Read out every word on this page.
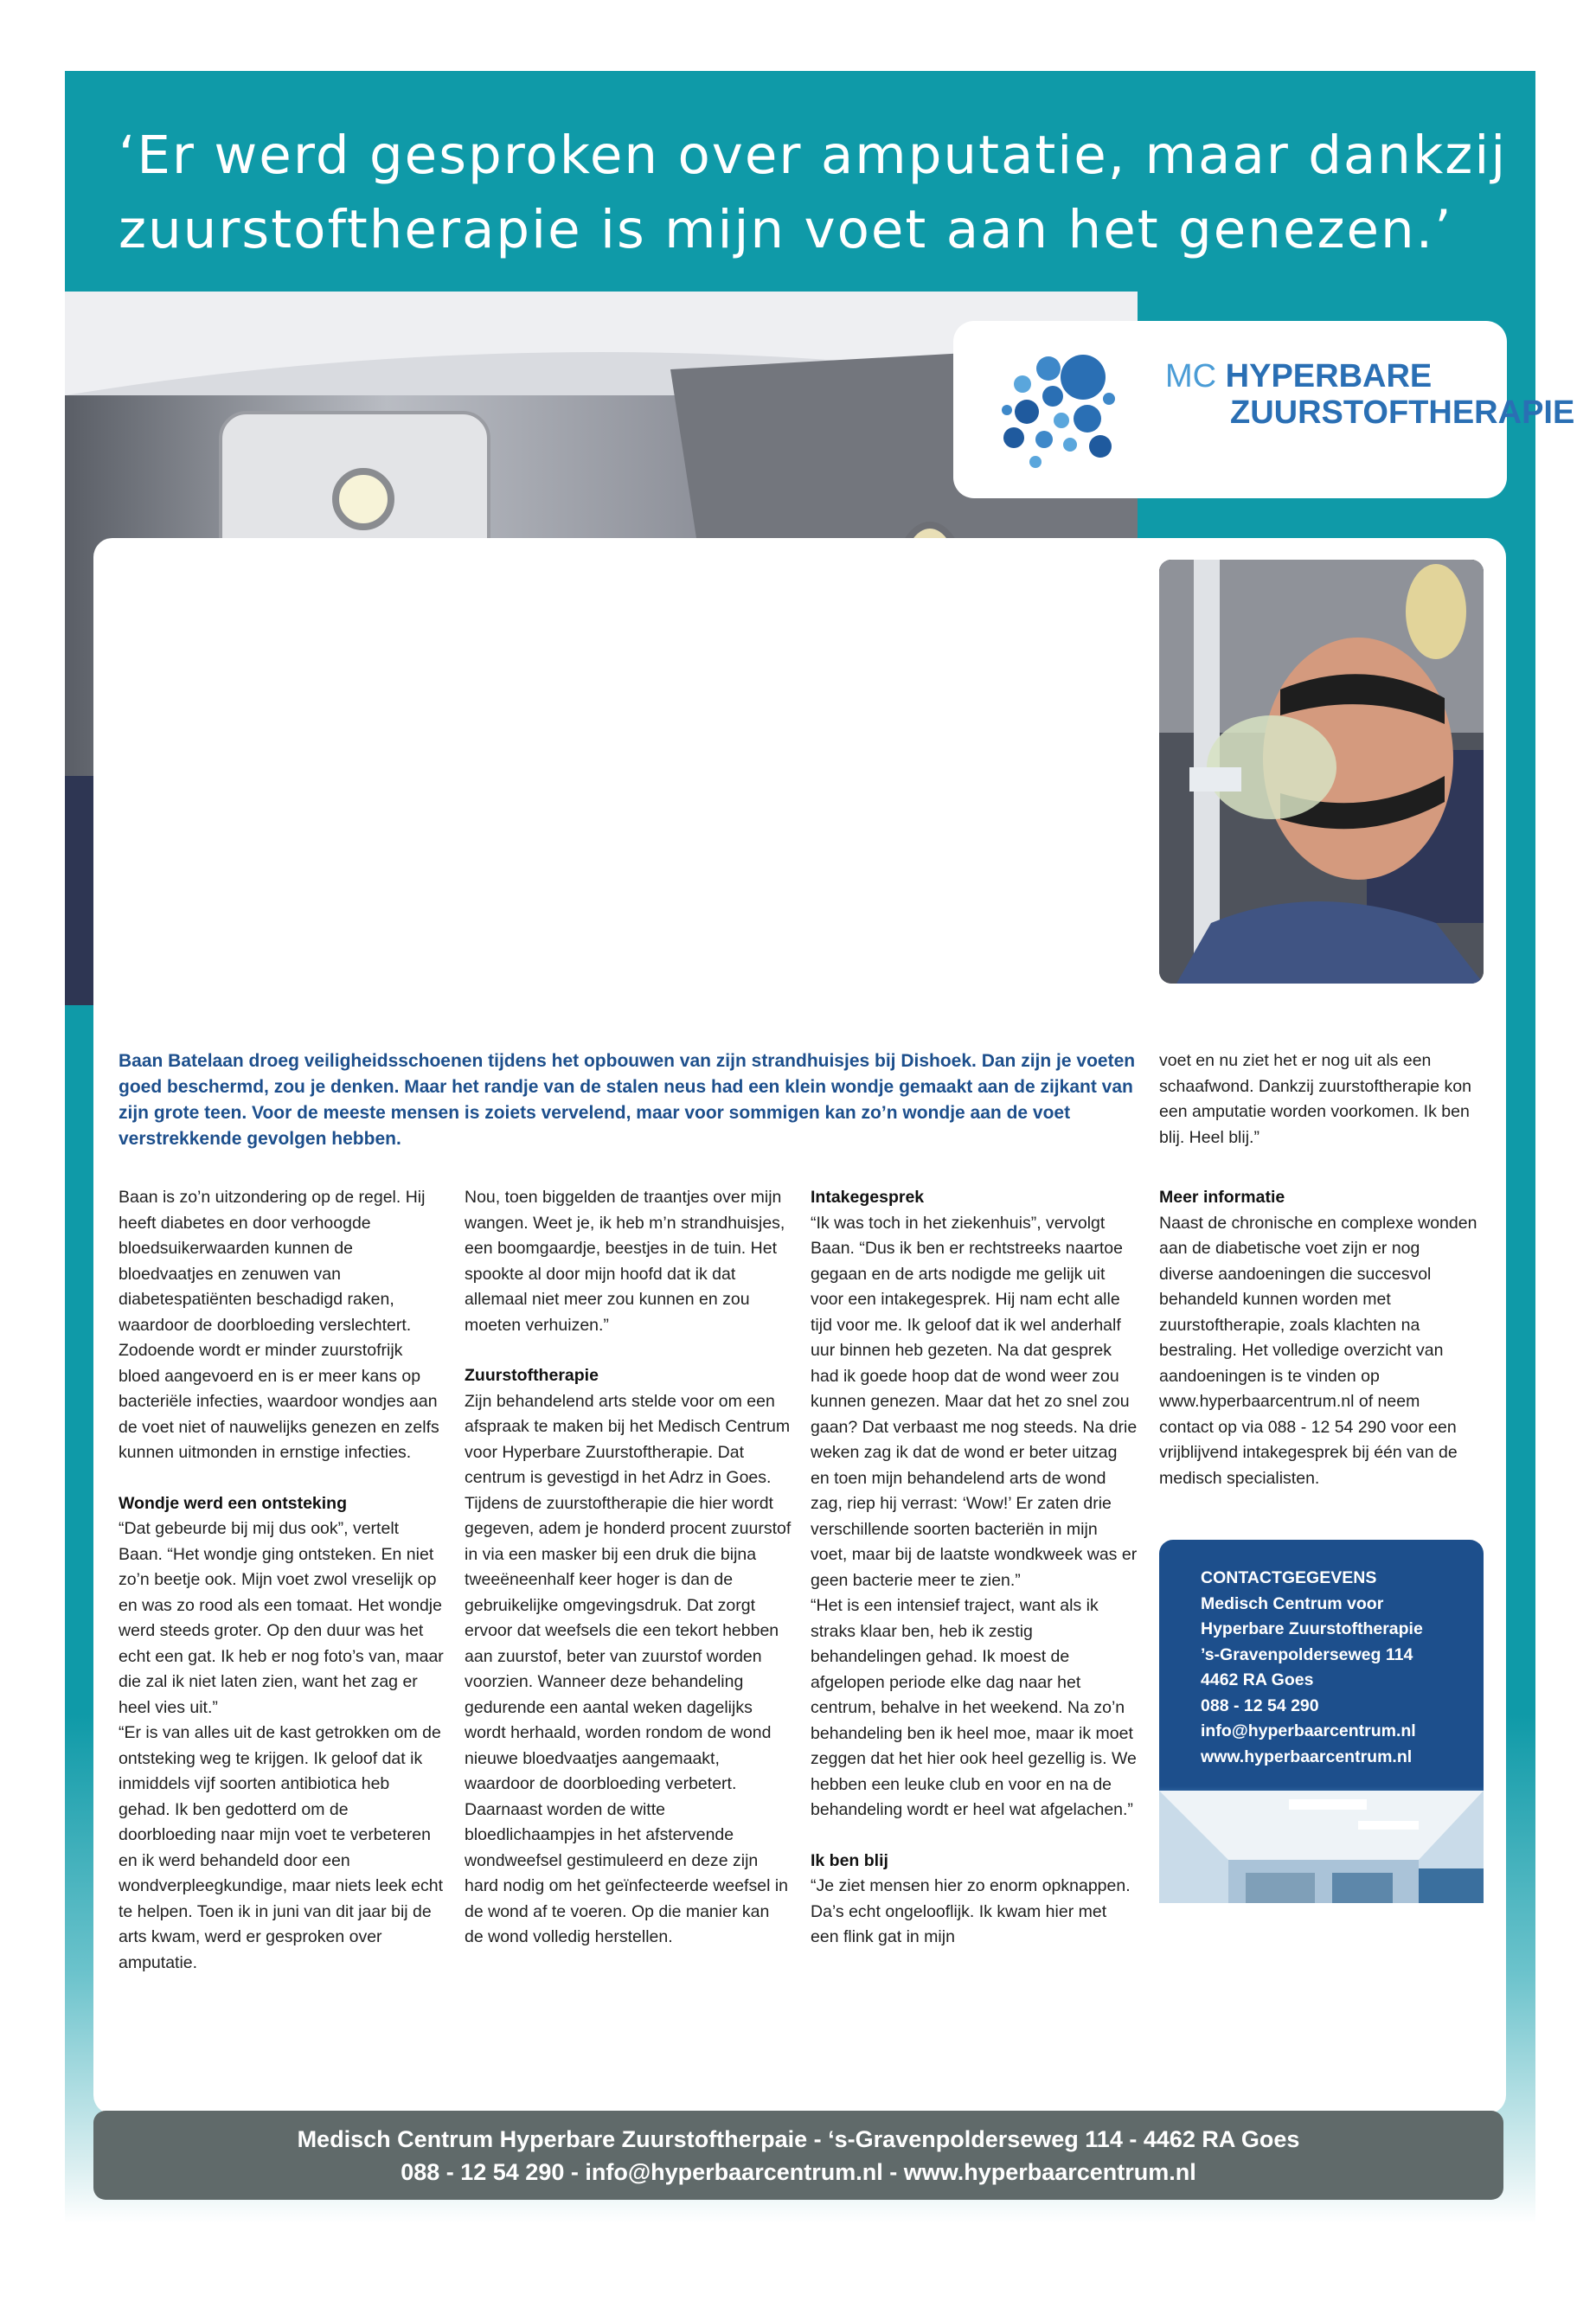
‘Er werd gesproken over amputatie, maar dankzij
zuurstoftherapie is mijn voet aan het genezen.’
MC HYPERBARE
ZUURSTOFTHERAPIE
Baan Batelaan droeg veiligheidsschoenen tijdens het opbouwen van zijn strandhuisjes bij Dishoek. Dan zijn je voeten goed beschermd, zou je denken. Maar het randje van de stalen neus had een klein wondje gemaakt aan de zijkant van zijn grote teen. Voor de meeste mensen is zoiets vervelend, maar voor sommigen kan zo’n wondje aan de voet verstrekkende gevolgen hebben.

voet en nu ziet het er nog uit als een schaafwond. Dankzij zuurstoftherapie kon een amputatie worden voorkomen. Ik ben blij. Heel blij.”

Baan is zo’n uitzondering op de regel. Hij heeft diabetes en door verhoogde bloedsuikerwaarden kunnen de bloedvaatjes en zenuwen van diabetespatiënten beschadigd raken, waardoor de doorbloeding verslechtert. Zodoende wordt er minder zuurstofrijk bloed aangevoerd en is er meer kans op bacteriële infecties, waardoor wondjes aan de voet niet of nauwelijks genezen en zelfs kunnen uitmonden in ernstige infecties.

Wondje werd een ontsteking

“Dat gebeurde bij mij dus ook”, vertelt Baan. “Het wondje ging ontsteken. En niet zo’n beetje ook. Mijn voet zwol vreselijk op en was zo rood als een tomaat. Het wondje werd steeds groter. Op den duur was het echt een gat. Ik heb er nog foto’s van, maar die zal ik niet laten zien, want het zag er heel vies uit.”

“Er is van alles uit de kast getrokken om de ontsteking weg te krijgen. Ik geloof dat ik inmiddels vijf soorten antibiotica heb gehad. Ik ben gedotterd om de doorbloeding naar mijn voet te verbeteren en ik werd behandeld door een wondverpleegkundige, maar niets leek echt te helpen. Toen ik in juni van dit jaar bij de arts kwam, werd er gesproken over amputatie.

Nou, toen biggelden de traantjes over mijn wangen. Weet je, ik heb m’n strandhuisjes, een boomgaardje, beestjes in de tuin. Het spookte al door mijn hoofd dat ik dat allemaal niet meer zou kunnen en zou moeten verhuizen.”

Zuurstoftherapie

Zijn behandelend arts stelde voor om een afspraak te maken bij het Medisch Centrum voor Hyperbare Zuurstoftherapie. Dat centrum is gevestigd in het Adrz in Goes. Tijdens de zuurstoftherapie die hier wordt gegeven, adem je honderd procent zuurstof in via een masker bij een druk die bijna tweeëneenhalf keer hoger is dan de gebruikelijke omgevingsdruk. Dat zorgt ervoor dat weefsels die een tekort hebben aan zuurstof, beter van zuurstof worden voorzien. Wanneer deze behandeling gedurende een aantal weken dagelijks wordt herhaald, worden rondom de wond nieuwe bloedvaatjes aangemaakt, waardoor de doorbloeding verbetert. Daarnaast worden de witte bloedlichaampjes in het afstervende wondweefsel gestimuleerd en deze zijn hard nodig om het geïnfecteerde weefsel in de wond af te voeren. Op die manier kan de wond volledig herstellen.

Intakegesprek

“Ik was toch in het ziekenhuis”, vervolgt Baan. “Dus ik ben er rechtstreeks naartoe gegaan en de arts nodigde me gelijk uit voor een intakegesprek. Hij nam echt alle tijd voor me. Ik geloof dat ik wel anderhalf uur binnen heb gezeten. Na dat gesprek had ik goede hoop dat de wond weer zou kunnen genezen. Maar dat het zo snel zou gaan? Dat verbaast me nog steeds. Na drie weken zag ik dat de wond er beter uitzag en toen mijn behandelend arts de wond zag, riep hij verrast: ‘Wow!’ Er zaten drie verschillende soorten bacteriën in mijn voet, maar bij de laatste wondkweek was er geen bacterie meer te zien.”

“Het is een intensief traject, want als ik straks klaar ben, heb ik zestig behandelingen gehad. Ik moest de afgelopen periode elke dag naar het centrum, behalve in het weekend. Na zo’n behandeling ben ik heel moe, maar ik moet zeggen dat het hier ook heel gezellig is. We hebben een leuke club en voor en na de behandeling wordt er heel wat afgelachen.”

Ik ben blij

“Je ziet mensen hier zo enorm opknappen. Da’s echt ongelooflijk. Ik kwam hier met een flink gat in mijn

Meer informatie

Naast de chronische en complexe wonden aan de diabetische voet zijn er nog diverse aandoeningen die succesvol behandeld kunnen worden met zuurstoftherapie, zoals klachten na bestraling. Het volledige overzicht van aandoeningen is te vinden op www.hyperbaarcentrum.nl of neem contact op via 088 - 12 54 290 voor een vrijblijvend intakegesprek bij één van de medisch specialisten.

CONTACTGEGEVENS
Medisch Centrum voor
Hyperbare Zuurstoftherapie
’s-Gravenpolderseweg 114
4462 RA Goes
088 - 12 54 290
info@hyperbaarcentrum.nl
www.hyperbaarcentrum.nl
Medisch Centrum Hyperbare Zuurstoftherpaie - ‘s-Gravenpolderseweg 114 - 4462 RA Goes
088 - 12 54 290 - info@hyperbaarcentrum.nl - www.hyperbaarcentrum.nl
